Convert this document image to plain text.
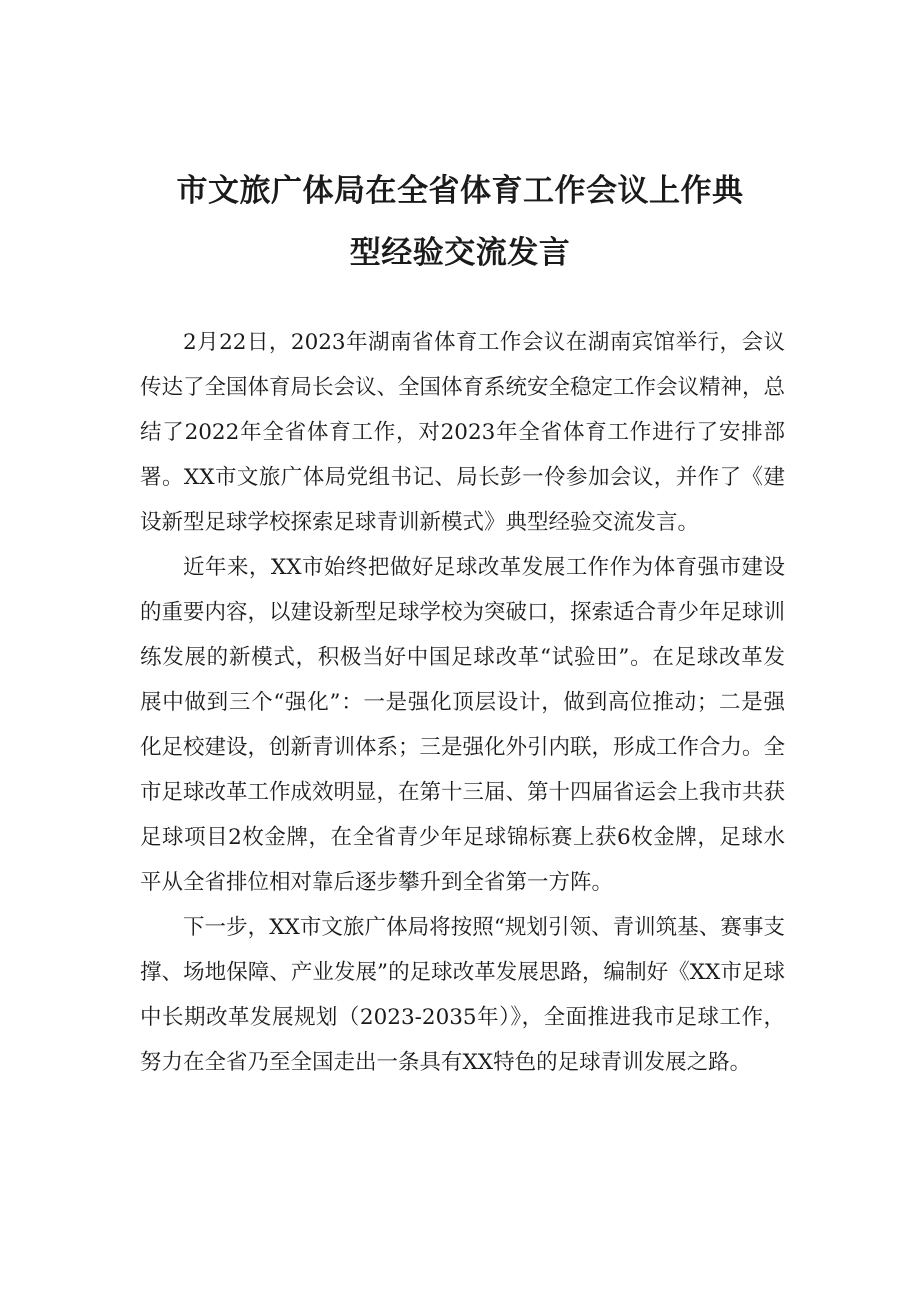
市文旅广体局在全省体育工作会议上作典
型经验交流发言

2月22日，2023年湖南省体育工作会议在湖南宾馆举行，会议传达了全国体育局长会议、全国体育系统安全稳定工作会议精神，总结了2022年全省体育工作，对2023年全省体育工作进行了安排部署。XX市文旅广体局党组书记、局长彭一伶参加会议，并作了《建设新型足球学校探索足球青训新模式》典型经验交流发言。

近年来，XX市始终把做好足球改革发展工作作为体育强市建设的重要内容，以建设新型足球学校为突破口，探索适合青少年足球训练发展的新模式，积极当好中国足球改革“试验田”。在足球改革发展中做到三个“强化”：一是强化顶层设计，做到高位推动；二是强化足校建设，创新青训体系；三是强化外引内联，形成工作合力。全市足球改革工作成效明显，在第十三届、第十四届省运会上我市共获足球项目2枚金牌，在全省青少年足球锦标赛上获6枚金牌，足球水平从全省排位相对靠后逐步攀升到全省第一方阵。

下一步，XX市文旅广体局将按照“规划引领、青训筑基、赛事支撑、场地保障、产业发展”的足球改革发展思路，编制好《XX市足球中长期改革发展规划（2023-2035年）》，全面推进我市足球工作，努力在全省乃至全国走出一条具有XX特色的足球青训发展之路。
